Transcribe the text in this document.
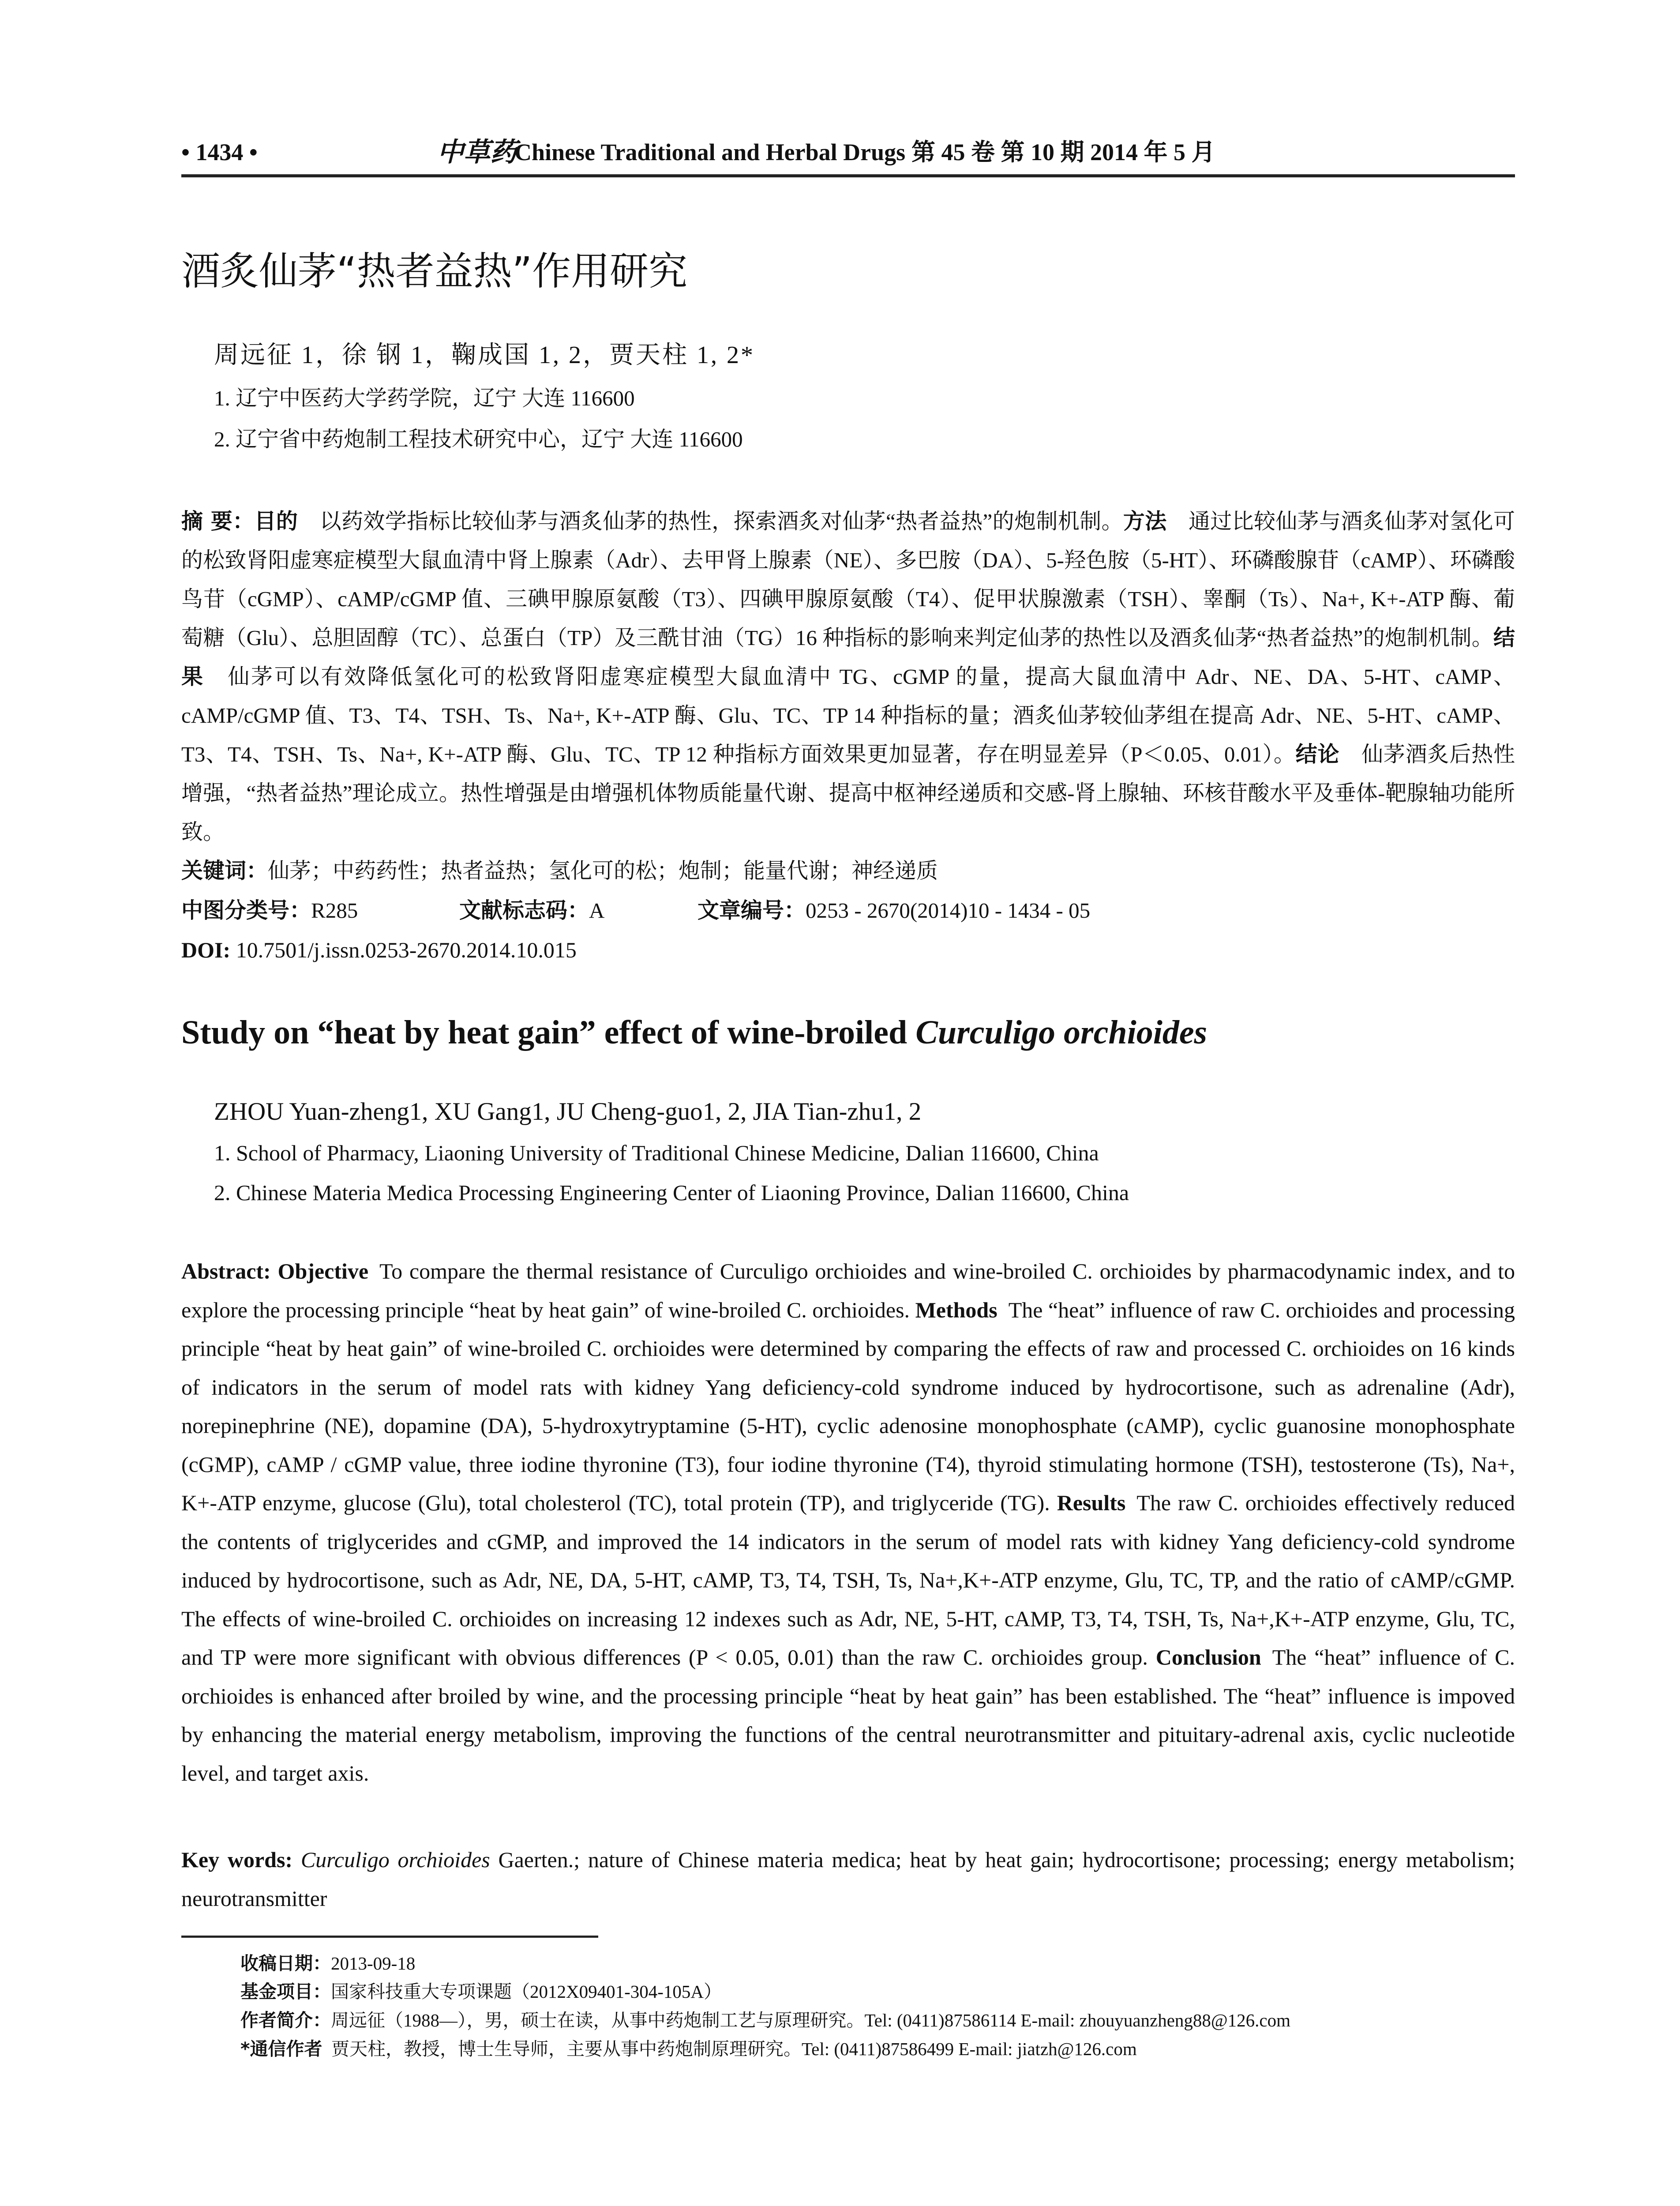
• 1434 •	中草药
Chinese Traditional and Herbal Drugs 第 45 卷 第 10 期 2014 年 5 月
酒炙仙茅“热者益热”作用研究
周远征 1，徐 钢 1，鞠成国 1, 2，贾天柱 1, 2*
1. 辽宁中医药大学药学院，辽宁 大连 116600
2. 辽宁省中药炮制工程技术研究中心，辽宁 大连 116600
摘 要：目的  以药效学指标比较仙茅与酒炙仙茅的热性，探索酒炙对仙茅“热者益热”的炮制机制。方法  通过比较仙茅与酒炙仙茅对氢化可的松致肾阳虚寒症模型大鼠血清中肾上腺素（Adr）、去甲肾上腺素（NE）、多巴胺（DA）、5-羟色胺（5-HT）、环磷酸腺苷（cAMP）、环磷酸鸟苷（cGMP）、cAMP/cGMP 值、三碘甲腺原氨酸（T3）、四碘甲腺原氨酸（T4）、促甲状腺激素（TSH）、睾酮（Ts）、Na+, K+-ATP 酶、葡萄糖（Glu）、总胆固醇（TC）、总蛋白（TP）及三酰甘油（TG）16 种指标的影响来判定仙茅的热性以及酒炙仙茅“热者益热”的炮制机制。结果  仙茅可以有效降低氢化可的松致肾阳虚寒症模型大鼠血清中 TG、cGMP 的量，提高大鼠血清中 Adr、NE、DA、5-HT、cAMP、cAMP/cGMP 值、T3、T4、TSH、Ts、Na+, K+-ATP 酶、Glu、TC、TP 14 种指标的量；酒炙仙茅较仙茅组在提高 Adr、NE、5-HT、cAMP、T3、T4、TSH、Ts、Na+, K+-ATP 酶、Glu、TC、TP 12 种指标方面效果更加显著，存在明显差异（P＜0.05、0.01）。结论  仙茅酒炙后热性增强，“热者益热”理论成立。热性增强是由增强机体物质能量代谢、提高中枢神经递质和交感-肾上腺轴、环核苷酸水平及垂体-靶腺轴功能所致。
关键词：仙茅；中药药性；热者益热；氢化可的松；炮制；能量代谢；神经递质
中图分类号：R285	文献标志码：A	文章编号：0253 - 2670(2014)10 - 1434 - 05
DOI: 10.7501/j.issn.0253-2670.2014.10.015
Study on “heat by heat gain” effect of wine-broiled Curculigo orchioides
ZHOU Yuan-zheng1, XU Gang1, JU Cheng-guo1, 2, JIA Tian-zhu1, 2
1. School of Pharmacy, Liaoning University of Traditional Chinese Medicine, Dalian 116600, China
2. Chinese Materia Medica Processing Engineering Center of Liaoning Province, Dalian 116600, China
Abstract: Objective  To compare the thermal resistance of Curculigo orchioides and wine-broiled C. orchioides by pharmacodynamic index, and to explore the processing principle “heat by heat gain” of wine-broiled C. orchioides. Methods  The “heat” influence of raw C. orchioides and processing principle “heat by heat gain” of wine-broiled C. orchioides were determined by comparing the effects of raw and processed C. orchioides on 16 kinds of indicators in the serum of model rats with kidney Yang deficiency-cold syndrome induced by hydrocortisone, such as adrenaline (Adr), norepinephrine (NE), dopamine (DA), 5-hydroxytryptamine (5-HT), cyclic adenosine monophosphate (cAMP), cyclic guanosine monophosphate (cGMP), cAMP / cGMP value, three iodine thyronine (T3), four iodine thyronine (T4), thyroid stimulating hormone (TSH), testosterone (Ts), Na+, K+-ATP enzyme, glucose (Glu), total cholesterol (TC), total protein (TP), and triglyceride (TG). Results  The raw C. orchioides effectively reduced the contents of triglycerides and cGMP, and improved the 14 indicators in the serum of model rats with kidney Yang deficiency-cold syndrome induced by hydrocortisone, such as Adr, NE, DA, 5-HT, cAMP, T3, T4, TSH, Ts, Na+,K+-ATP enzyme, Glu, TC, TP, and the ratio of cAMP/cGMP. The effects of wine-broiled C. orchioides on increasing 12 indexes such as Adr, NE, 5-HT, cAMP, T3, T4, TSH, Ts, Na+,K+-ATP enzyme, Glu, TC, and TP were more significant with obvious differences (P < 0.05, 0.01) than the raw C. orchioides group. Conclusion  The “heat” influence of C. orchioides is enhanced after broiled by wine, and the processing principle “heat by heat gain” has been established. The “heat” influence is impoved by enhancing the material energy metabolism, improving the functions of the central neurotransmitter and pituitary-adrenal axis, cyclic nucleotide level, and target axis.
Key words: Curculigo orchioides Gaerten.; nature of Chinese materia medica; heat by heat gain; hydrocortisone; processing; energy metabolism; neurotransmitter
收稿日期：2013-09-18
基金项目：国家科技重大专项课题（2012X09401-304-105A）
作者简介：周远征（1988—），男，硕士在读，从事中药炮制工艺与原理研究。Tel: (0411)87586114 E-mail: zhouyuanzheng88@126.com
*通信作者  贾天柱，教授，博士生导师，主要从事中药炮制原理研究。Tel: (0411)87586499 E-mail: jiatzh@126.com
